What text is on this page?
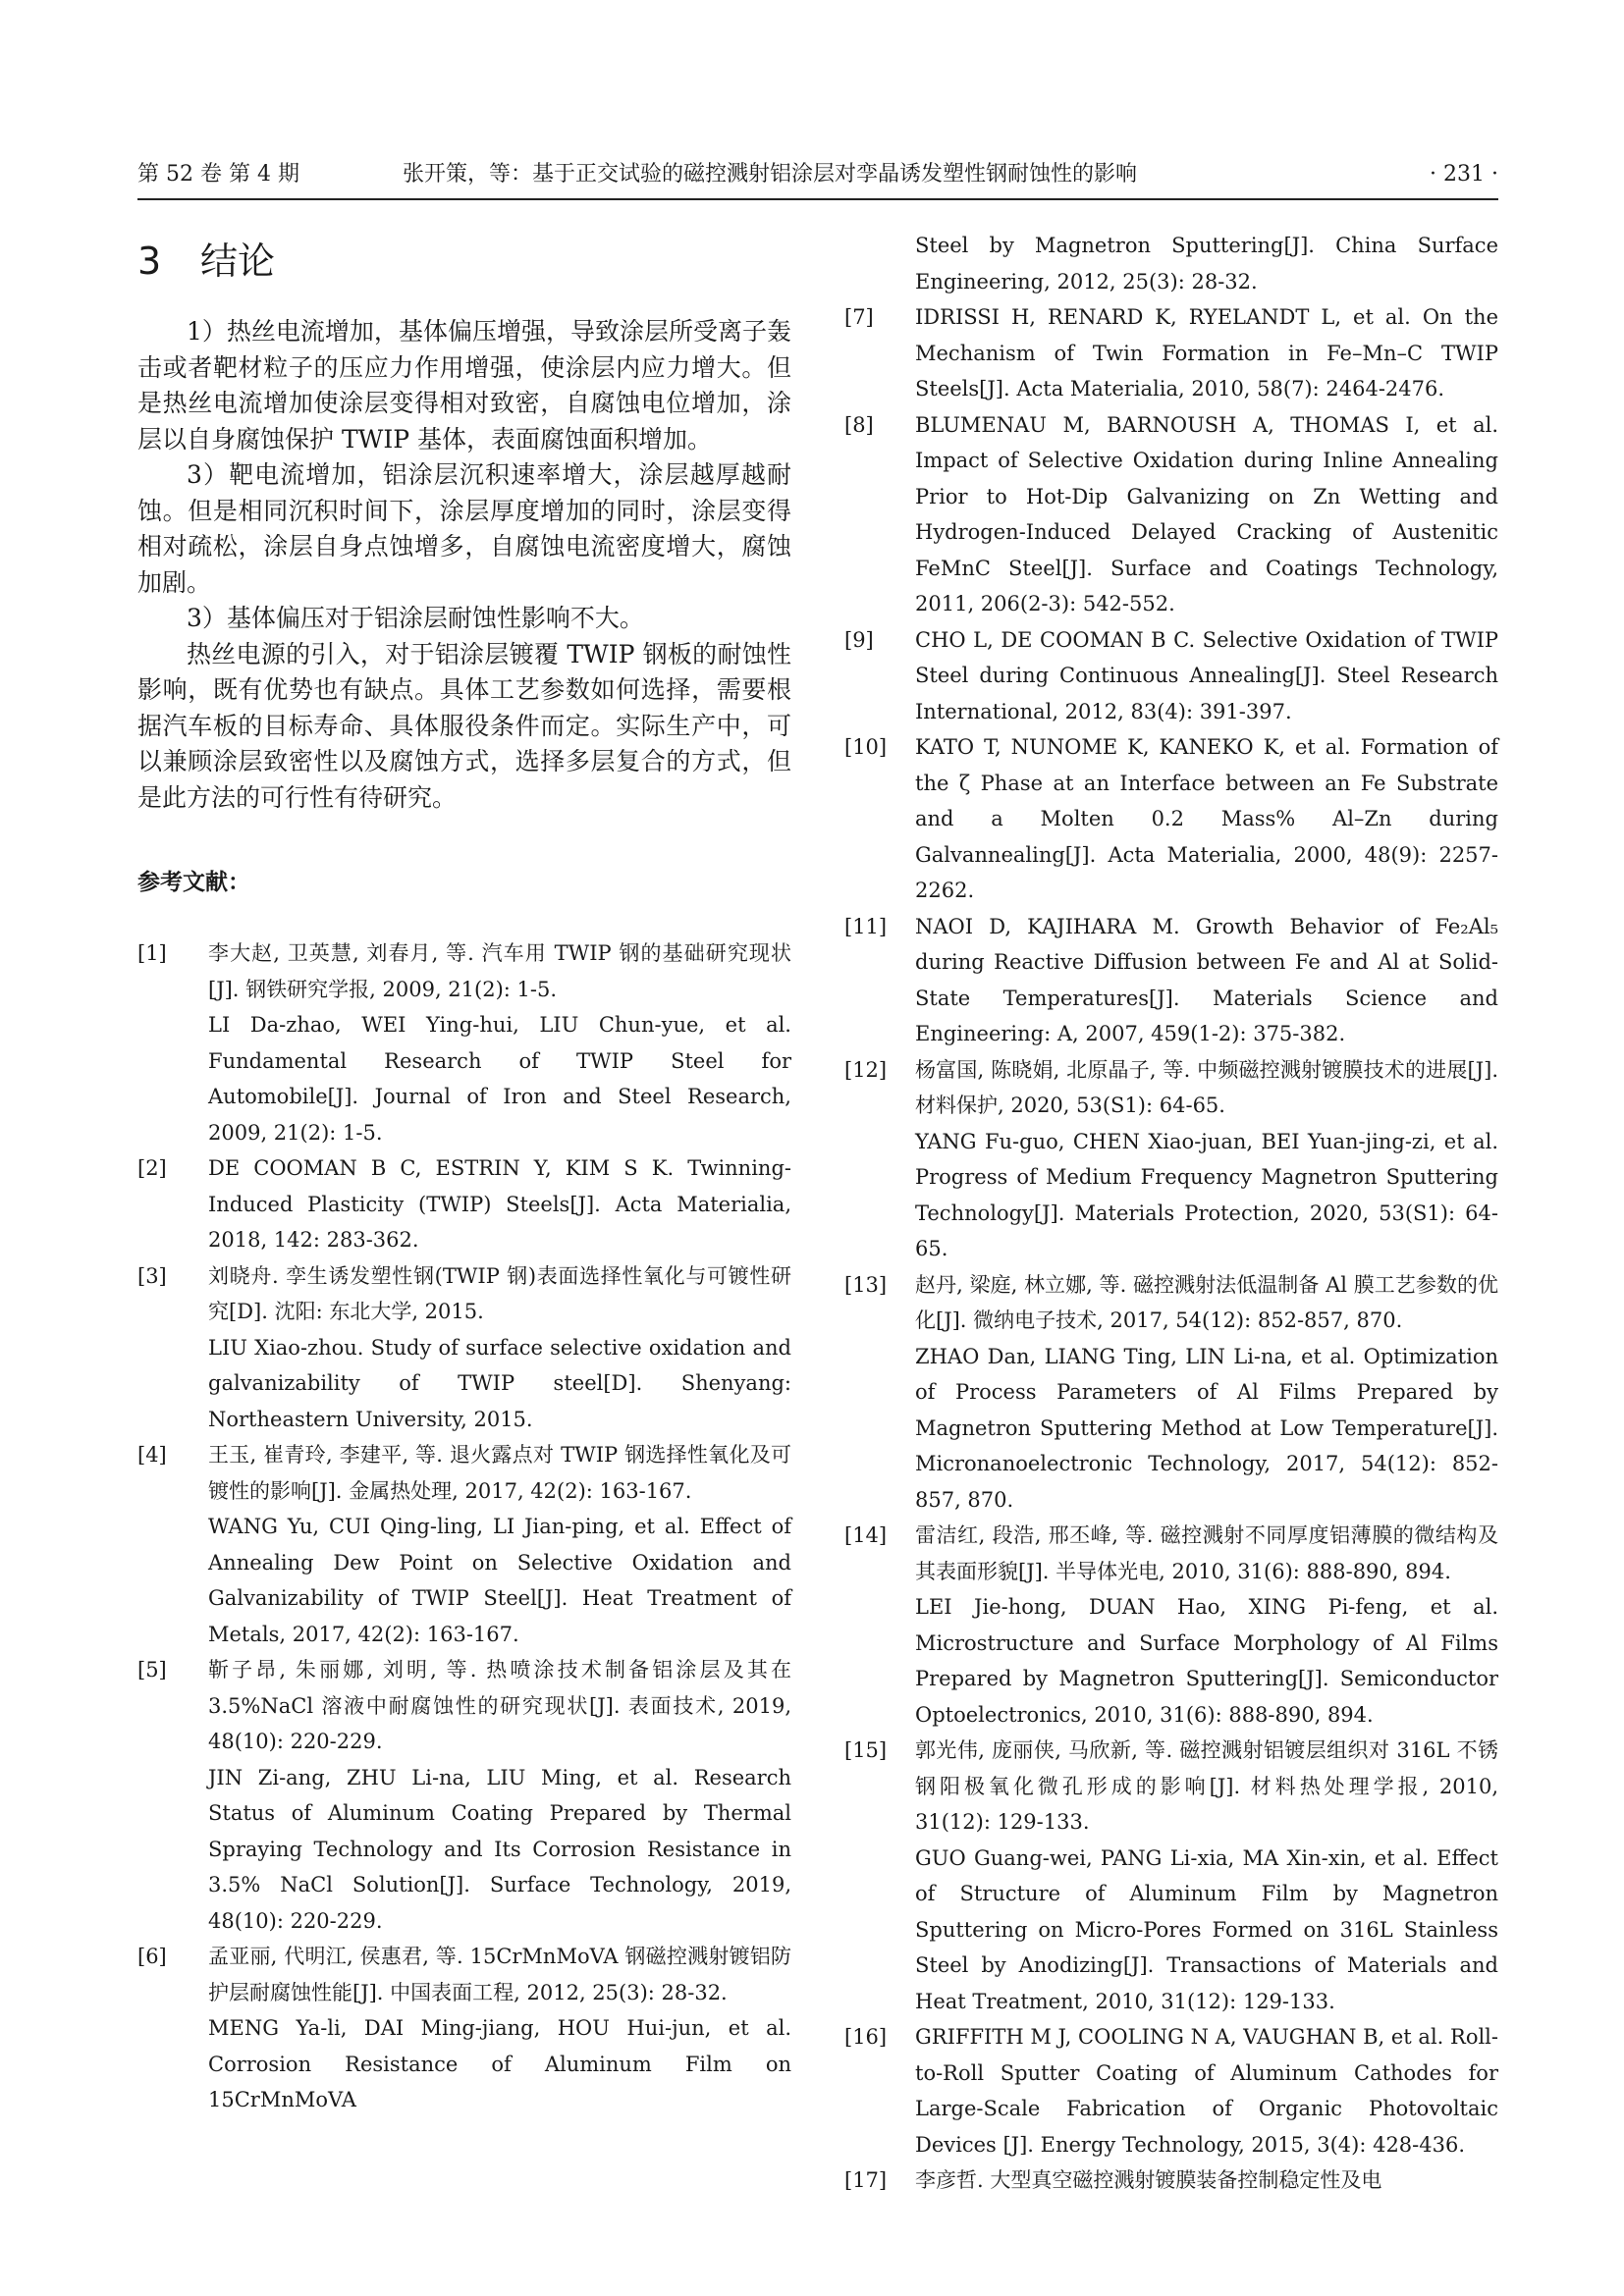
第 52 卷 第 4 期	张开策，等：基于正交试验的磁控溅射铝涂层对孪晶诱发塑性钢耐蚀性的影响	· 231 ·
3 结论

1）热丝电流增加，基体偏压增强，导致涂层所受离子轰击或者靶材粒子的压应力作用增强，使涂层内应力增大。但是热丝电流增加使涂层变得相对致密，自腐蚀电位增加，涂层以自身腐蚀保护 TWIP 基体，表面腐蚀面积增加。

3）靶电流增加，铝涂层沉积速率增大，涂层越厚越耐蚀。但是相同沉积时间下，涂层厚度增加的同时，涂层变得相对疏松，涂层自身点蚀增多，自腐蚀电流密度增大，腐蚀加剧。

3）基体偏压对于铝涂层耐蚀性影响不大。

热丝电源的引入，对于铝涂层镀覆 TWIP 钢板的耐蚀性影响，既有优势也有缺点。具体工艺参数如何选择，需要根据汽车板的目标寿命、具体服役条件而定。实际生产中，可以兼顾涂层致密性以及腐蚀方式，选择多层复合的方式，但是此方法的可行性有待研究。

参考文献：
[1]	李大赵, 卫英慧, 刘春月, 等. 汽车用 TWIP 钢的基础研究现状[J]. 钢铁研究学报, 2009, 21(2): 1-5.
LI Da-zhao, WEI Ying-hui, LIU Chun-yue, et al. Fundamental Research of TWIP Steel for Automobile[J]. Journal of Iron and Steel Research, 2009, 21(2): 1-5.
[2]	DE COOMAN B C, ESTRIN Y, KIM S K. Twinning-Induced Plasticity (TWIP) Steels[J]. Acta Materialia, 2018, 142: 283-362.
[3]	刘晓舟. 孪生诱发塑性钢(TWIP 钢)表面选择性氧化与可镀性研究[D]. 沈阳: 东北大学, 2015.
LIU Xiao-zhou. Study of surface selective oxidation and galvanizability of TWIP steel[D]. Shenyang: Northeastern University, 2015.
[4]	王玉, 崔青玲, 李建平, 等. 退火露点对 TWIP 钢选择性氧化及可镀性的影响[J]. 金属热处理, 2017, 42(2): 163-167.
WANG Yu, CUI Qing-ling, LI Jian-ping, et al. Effect of Annealing Dew Point on Selective Oxidation and Galvanizability of TWIP Steel[J]. Heat Treatment of Metals, 2017, 42(2): 163-167.
[5]	靳子昂, 朱丽娜, 刘明, 等. 热喷涂技术制备铝涂层及其在 3.5%NaCl 溶液中耐腐蚀性的研究现状[J]. 表面技术, 2019, 48(10): 220-229.
JIN Zi-ang, ZHU Li-na, LIU Ming, et al. Research Status of Aluminum Coating Prepared by Thermal Spraying Technology and Its Corrosion Resistance in 3.5% NaCl Solution[J]. Surface Technology, 2019, 48(10): 220-229.
[6]	孟亚丽, 代明江, 侯惠君, 等. 15CrMnMoVA 钢磁控溅射镀铝防护层耐腐蚀性能[J]. 中国表面工程, 2012, 25(3): 28-32.
MENG Ya-li, DAI Ming-jiang, HOU Hui-jun, et al. Corrosion Resistance of Aluminum Film on 15CrMnMoVA
Steel by Magnetron Sputtering[J]. China Surface Engineering, 2012, 25(3): 28-32.
[7]	IDRISSI H, RENARD K, RYELANDT L, et al. On the Mechanism of Twin Formation in Fe–Mn–C TWIP Steels[J]. Acta Materialia, 2010, 58(7): 2464-2476.
[8]	BLUMENAU M, BARNOUSH A, THOMAS I, et al. Impact of Selective Oxidation during Inline Annealing Prior to Hot-Dip Galvanizing on Zn Wetting and Hydrogen-Induced Delayed Cracking of Austenitic FeMnC Steel[J]. Surface and Coatings Technology, 2011, 206(2-3): 542-552.
[9]	CHO L, DE COOMAN B C. Selective Oxidation of TWIP Steel during Continuous Annealing[J]. Steel Research International, 2012, 83(4): 391-397.
[10]	KATO T, NUNOME K, KANEKO K, et al. Formation of the ζ Phase at an Interface between an Fe Substrate and a Molten 0.2 Mass% Al–Zn during Galvannealing[J]. Acta Materialia, 2000, 48(9): 2257-2262.
[11]	NAOI D, KAJIHARA M. Growth Behavior of Fe₂Al₅ during Reactive Diffusion between Fe and Al at Solid-State Temperatures[J]. Materials Science and Engineering: A, 2007, 459(1-2): 375-382.
[12]	杨富国, 陈晓娟, 北原晶子, 等. 中频磁控溅射镀膜技术的进展[J]. 材料保护, 2020, 53(S1): 64-65.
YANG Fu-guo, CHEN Xiao-juan, BEI Yuan-jing-zi, et al. Progress of Medium Frequency Magnetron Sputtering Technology[J]. Materials Protection, 2020, 53(S1): 64-65.
[13]	赵丹, 梁庭, 林立娜, 等. 磁控溅射法低温制备 Al 膜工艺参数的优化[J]. 微纳电子技术, 2017, 54(12): 852-857, 870.
ZHAO Dan, LIANG Ting, LIN Li-na, et al. Optimization of Process Parameters of Al Films Prepared by Magnetron Sputtering Method at Low Temperature[J]. Micronanoelectronic Technology, 2017, 54(12): 852-857, 870.
[14]	雷洁红, 段浩, 邢丕峰, 等. 磁控溅射不同厚度铝薄膜的微结构及其表面形貌[J]. 半导体光电, 2010, 31(6): 888-890, 894.
LEI Jie-hong, DUAN Hao, XING Pi-feng, et al. Microstructure and Surface Morphology of Al Films Prepared by Magnetron Sputtering[J]. Semiconductor Optoelectronics, 2010, 31(6): 888-890, 894.
[15]	郭光伟, 庞丽侠, 马欣新, 等. 磁控溅射铝镀层组织对 316L 不锈钢阳极氧化微孔形成的影响[J]. 材料热处理学报, 2010, 31(12): 129-133.
GUO Guang-wei, PANG Li-xia, MA Xin-xin, et al. Effect of Structure of Aluminum Film by Magnetron Sputtering on Micro-Pores Formed on 316L Stainless Steel by Anodizing[J]. Transactions of Materials and Heat Treatment, 2010, 31(12): 129-133.
[16]	GRIFFITH M J, COOLING N A, VAUGHAN B, et al. Roll-to-Roll Sputter Coating of Aluminum Cathodes for Large-Scale Fabrication of Organic Photovoltaic Devices [J]. Energy Technology, 2015, 3(4): 428-436.
[17]	李彦哲. 大型真空磁控溅射镀膜装备控制稳定性及电
